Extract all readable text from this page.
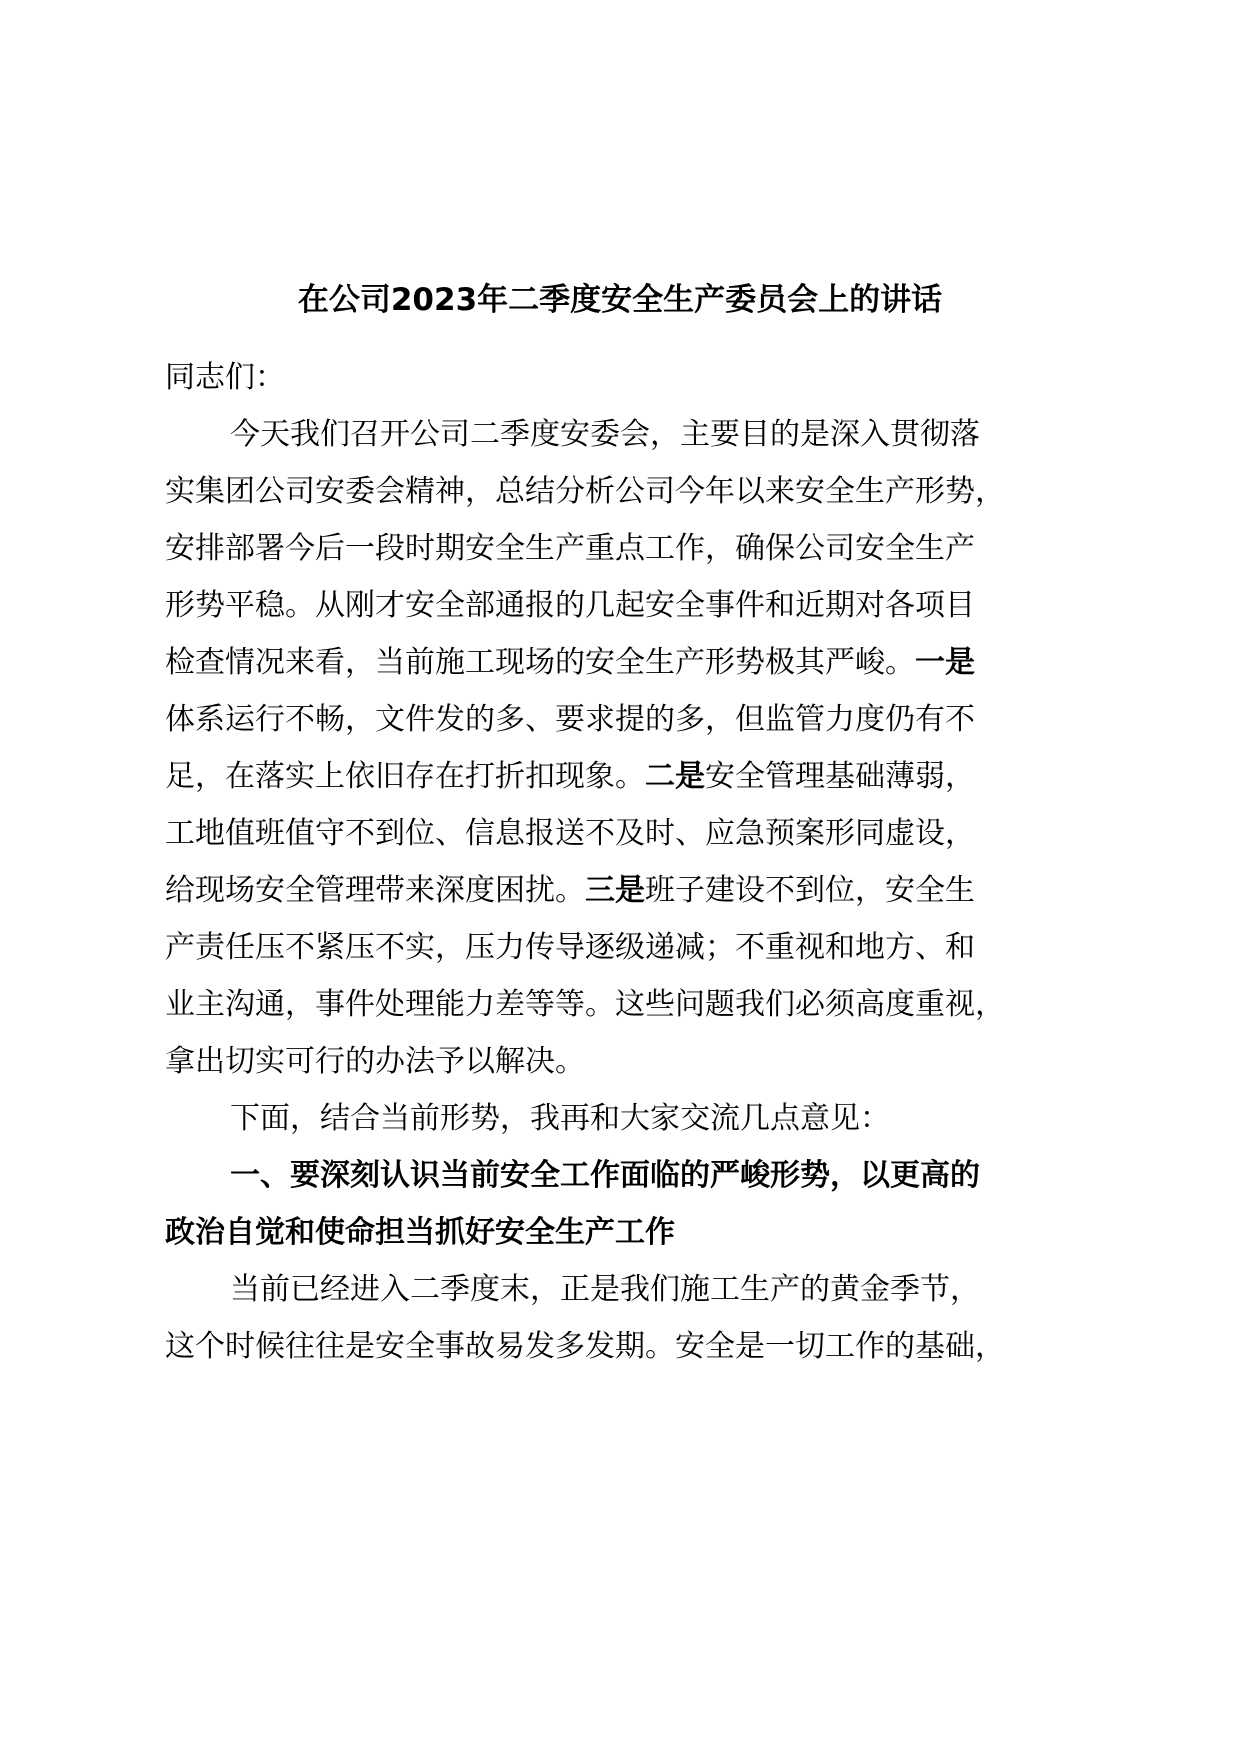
在公司2023年二季度安全生产委员会上的讲话
同志们：
今天我们召开公司二季度安委会，主要目的是深入贯彻落
实集团公司安委会精神，总结分析公司今年以来安全生产形势，
安排部署今后一段时期安全生产重点工作，确保公司安全生产
形势平稳。从刚才安全部通报的几起安全事件和近期对各项目
检查情况来看，当前施工现场的安全生产形势极其严峻。一是
体系运行不畅，文件发的多、要求提的多，但监管力度仍有不
足，在落实上依旧存在打折扣现象。二是安全管理基础薄弱，
工地值班值守不到位、信息报送不及时、应急预案形同虚设，
给现场安全管理带来深度困扰。三是班子建设不到位，安全生
产责任压不紧压不实，压力传导逐级递减；不重视和地方、和
业主沟通，事件处理能力差等等。这些问题我们必须高度重视，
拿出切实可行的办法予以解决。
下面，结合当前形势，我再和大家交流几点意见：
一、要深刻认识当前安全工作面临的严峻形势，以更高的
政治自觉和使命担当抓好安全生产工作
当前已经进入二季度末，正是我们施工生产的黄金季节，
这个时候往往是安全事故易发多发期。安全是一切工作的基础，
